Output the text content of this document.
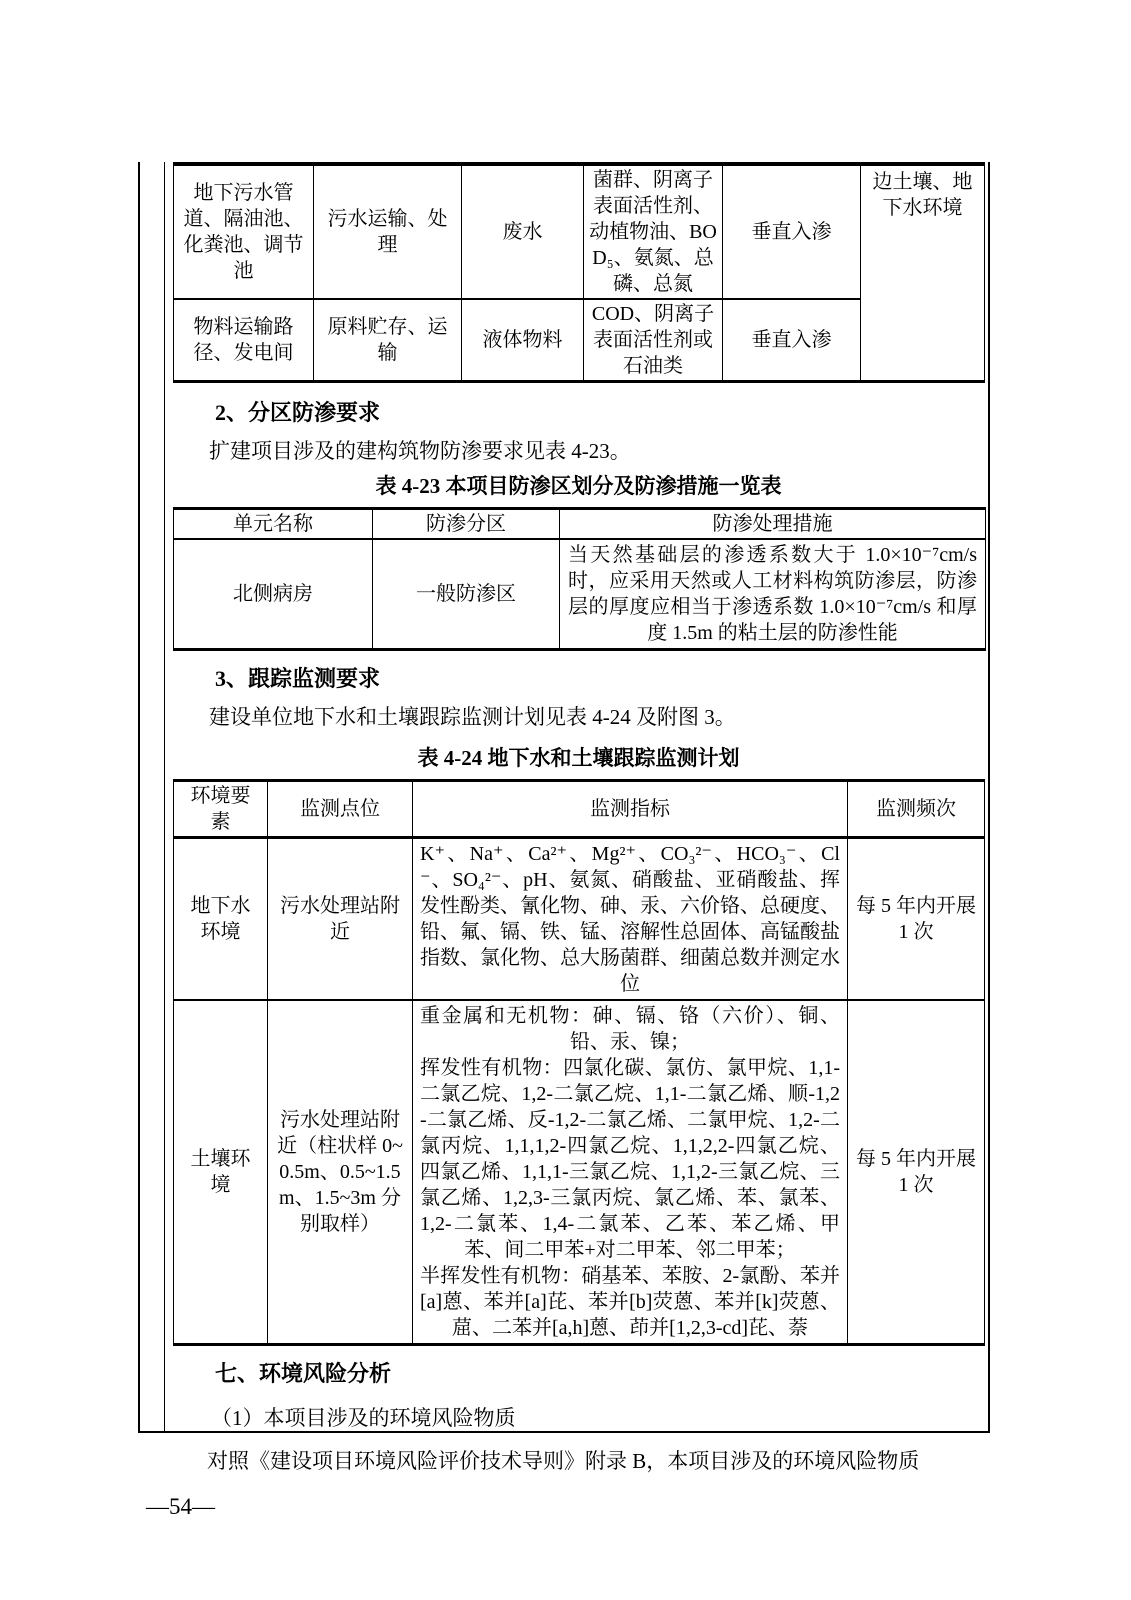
地下污水管道、隔油池、化粪池、调节池	污水运输、处理	废水	菌群、阴离子表面活性剂、动植物油、BOD₅、氨氮、总磷、总氮	垂直入渗	边土壤、地下水环境
物料运输路径、发电间	原料贮存、运输	液体物料	COD、阴离子表面活性剂或石油类	垂直入渗	
2、分区防渗要求
扩建项目涉及的建构筑物防渗要求见表 4-23。
表 4-23 本项目防渗区划分及防渗措施一览表
单元名称	防渗分区	防渗处理措施
北侧病房	一般防渗区	当天然基础层的渗透系数大于 1.0×10⁻⁷cm/s 时，应采用天然或人工材料构筑防渗层，防渗层的厚度应相当于渗透系数 1.0×10⁻⁷cm/s 和厚度 1.5m 的粘土层的防渗性能
3、跟踪监测要求
建设单位地下水和土壤跟踪监测计划见表 4-24 及附图 3。
表 4-24 地下水和土壤跟踪监测计划
环境要素	监测点位	监测指标	监测频次
地下水环境	污水处理站附近	K⁺、Na⁺、Ca²⁺、Mg²⁺、CO₃²⁻、HCO₃⁻、Cl⁻、SO₄²⁻、pH、氨氮、硝酸盐、亚硝酸盐、挥发性酚类、氰化物、砷、汞、六价铬、总硬度、铅、氟、镉、铁、锰、溶解性总固体、高锰酸盐指数、氯化物、总大肠菌群、细菌总数并测定水位	每 5 年内开展 1 次
土壤环境	污水处理站附近（柱状样 0~0.5m、0.5~1.5m、1.5~3m 分别取样）	重金属和无机物：砷、镉、铬（六价）、铜、铅、汞、镍；
挥发性有机物：四氯化碳、氯仿、氯甲烷、1,1-二氯乙烷、1,2-二氯乙烷、1,1-二氯乙烯、顺-1,2-二氯乙烯、反-1,2-二氯乙烯、二氯甲烷、1,2-二氯丙烷、1,1,1,2-四氯乙烷、1,1,2,2-四氯乙烷、四氯乙烯、1,1,1-三氯乙烷、1,1,2-三氯乙烷、三氯乙烯、1,2,3-三氯丙烷、氯乙烯、苯、氯苯、1,2-二氯苯、1,4-二氯苯、乙苯、苯乙烯、甲苯、间二甲苯+对二甲苯、邻二甲苯；
半挥发性有机物：硝基苯、苯胺、2-氯酚、苯并[a]蒽、苯并[a]芘、苯并[b]荧蒽、苯并[k]荧蒽、䓛、二苯并[a,h]蒽、茚并[1,2,3-cd]芘、萘	每 5 年内开展 1 次
七、环境风险分析
（1）本项目涉及的环境风险物质
对照《建设项目环境风险评价技术导则》附录 B，本项目涉及的环境风险物质
—54—
